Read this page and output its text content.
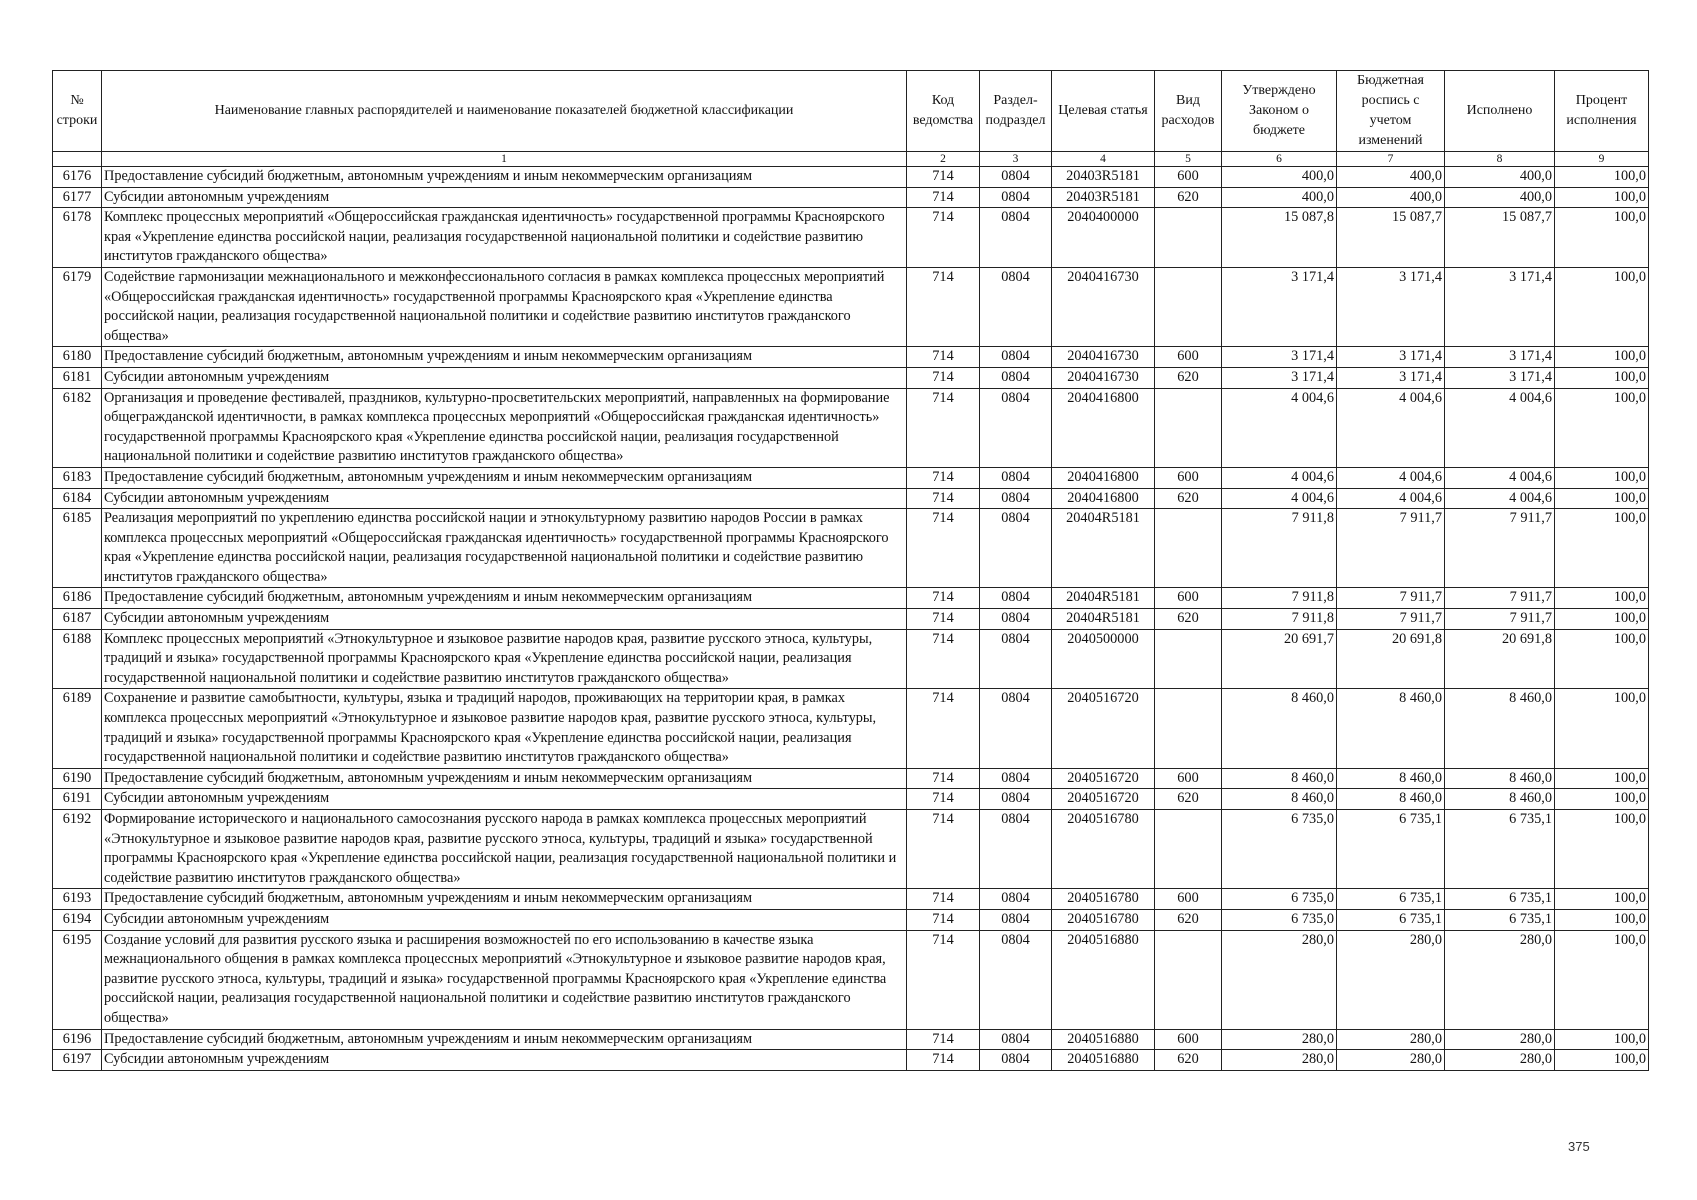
№ строки	Наименование главных распорядителей и наименование показателей бюджетной классификации	Код ведомства	Раздел-подраздел	Целевая статья	Вид расходов	Утверждено Законом о бюджете	Бюджетная роспись с учетом изменений	Исполнено	Процент исполнения
	1	2	3	4	5	6	7	8	9
6176	Предоставление субсидий бюджетным, автономным учреждениям и иным некоммерческим организациям	714	0804	20403R5181	600	400,0	400,0	400,0	100,0
6177	Субсидии автономным учреждениям	714	0804	20403R5181	620	400,0	400,0	400,0	100,0
6178	Комплекс процессных мероприятий «Общероссийская гражданская идентичность» государственной программы Красноярского края «Укрепление единства российской нации, реализация государственной национальной политики и содействие развитию институтов гражданского общества»	714	0804	2040400000		15 087,8	15 087,7	15 087,7	100,0
6179	Содействие гармонизации межнационального и межконфессионального согласия в рамках комплекса процессных мероприятий «Общероссийская гражданская идентичность» государственной программы Красноярского края «Укрепление единства российской нации, реализация государственной национальной политики и содействие развитию институтов гражданского общества»	714	0804	2040416730		3 171,4	3 171,4	3 171,4	100,0
6180	Предоставление субсидий бюджетным, автономным учреждениям и иным некоммерческим организациям	714	0804	2040416730	600	3 171,4	3 171,4	3 171,4	100,0
6181	Субсидии автономным учреждениям	714	0804	2040416730	620	3 171,4	3 171,4	3 171,4	100,0
6182	Организация и проведение фестивалей, праздников, культурно-просветительских мероприятий, направленных на формирование общегражданской идентичности, в рамках комплекса процессных мероприятий «Общероссийская гражданская идентичность» государственной программы Красноярского края «Укрепление единства российской нации, реализация государственной национальной политики и содействие развитию институтов гражданского общества»	714	0804	2040416800		4 004,6	4 004,6	4 004,6	100,0
6183	Предоставление субсидий бюджетным, автономным учреждениям и иным некоммерческим организациям	714	0804	2040416800	600	4 004,6	4 004,6	4 004,6	100,0
6184	Субсидии автономным учреждениям	714	0804	2040416800	620	4 004,6	4 004,6	4 004,6	100,0
6185	Реализация мероприятий по укреплению единства российской нации и этнокультурному развитию народов России в рамках комплекса процессных мероприятий «Общероссийская гражданская идентичность» государственной программы Красноярского края «Укрепление единства российской нации, реализация государственной национальной политики и содействие развитию институтов гражданского общества»	714	0804	20404R5181		7 911,8	7 911,7	7 911,7	100,0
6186	Предоставление субсидий бюджетным, автономным учреждениям и иным некоммерческим организациям	714	0804	20404R5181	600	7 911,8	7 911,7	7 911,7	100,0
6187	Субсидии автономным учреждениям	714	0804	20404R5181	620	7 911,8	7 911,7	7 911,7	100,0
6188	Комплекс процессных мероприятий «Этнокультурное и языковое развитие народов края, развитие русского этноса, культуры, традиций и языка» государственной программы Красноярского края «Укрепление единства российской нации, реализация государственной национальной политики и содействие развитию институтов гражданского общества»	714	0804	2040500000		20 691,7	20 691,8	20 691,8	100,0
6189	Сохранение и развитие самобытности, культуры, языка и традиций народов, проживающих на территории края, в рамках комплекса процессных мероприятий «Этнокультурное и языковое развитие народов края, развитие русского этноса, культуры, традиций и языка» государственной программы Красноярского края «Укрепление единства российской нации, реализация государственной национальной политики и содействие развитию институтов гражданского общества»	714	0804	2040516720		8 460,0	8 460,0	8 460,0	100,0
6190	Предоставление субсидий бюджетным, автономным учреждениям и иным некоммерческим организациям	714	0804	2040516720	600	8 460,0	8 460,0	8 460,0	100,0
6191	Субсидии автономным учреждениям	714	0804	2040516720	620	8 460,0	8 460,0	8 460,0	100,0
6192	Формирование исторического и национального самосознания русского народа в рамках комплекса процессных мероприятий «Этнокультурное и языковое развитие народов края, развитие русского этноса, культуры, традиций и языка» государственной программы Красноярского края «Укрепление единства российской нации, реализация государственной национальной политики и содействие развитию институтов гражданского общества»	714	0804	2040516780		6 735,0	6 735,1	6 735,1	100,0
6193	Предоставление субсидий бюджетным, автономным учреждениям и иным некоммерческим организациям	714	0804	2040516780	600	6 735,0	6 735,1	6 735,1	100,0
6194	Субсидии автономным учреждениям	714	0804	2040516780	620	6 735,0	6 735,1	6 735,1	100,0
6195	Создание условий для развития русского языка и расширения возможностей по его использованию в качестве языка межнационального общения в рамках комплекса процессных мероприятий «Этнокультурное и языковое развитие народов края, развитие русского этноса, культуры, традиций и языка» государственной программы Красноярского края «Укрепление единства российской нации, реализация государственной национальной политики и содействие развитию институтов гражданского общества»	714	0804	2040516880		280,0	280,0	280,0	100,0
6196	Предоставление субсидий бюджетным, автономным учреждениям и иным некоммерческим организациям	714	0804	2040516880	600	280,0	280,0	280,0	100,0
6197	Субсидии автономным учреждениям	714	0804	2040516880	620	280,0	280,0	280,0	100,0
375
